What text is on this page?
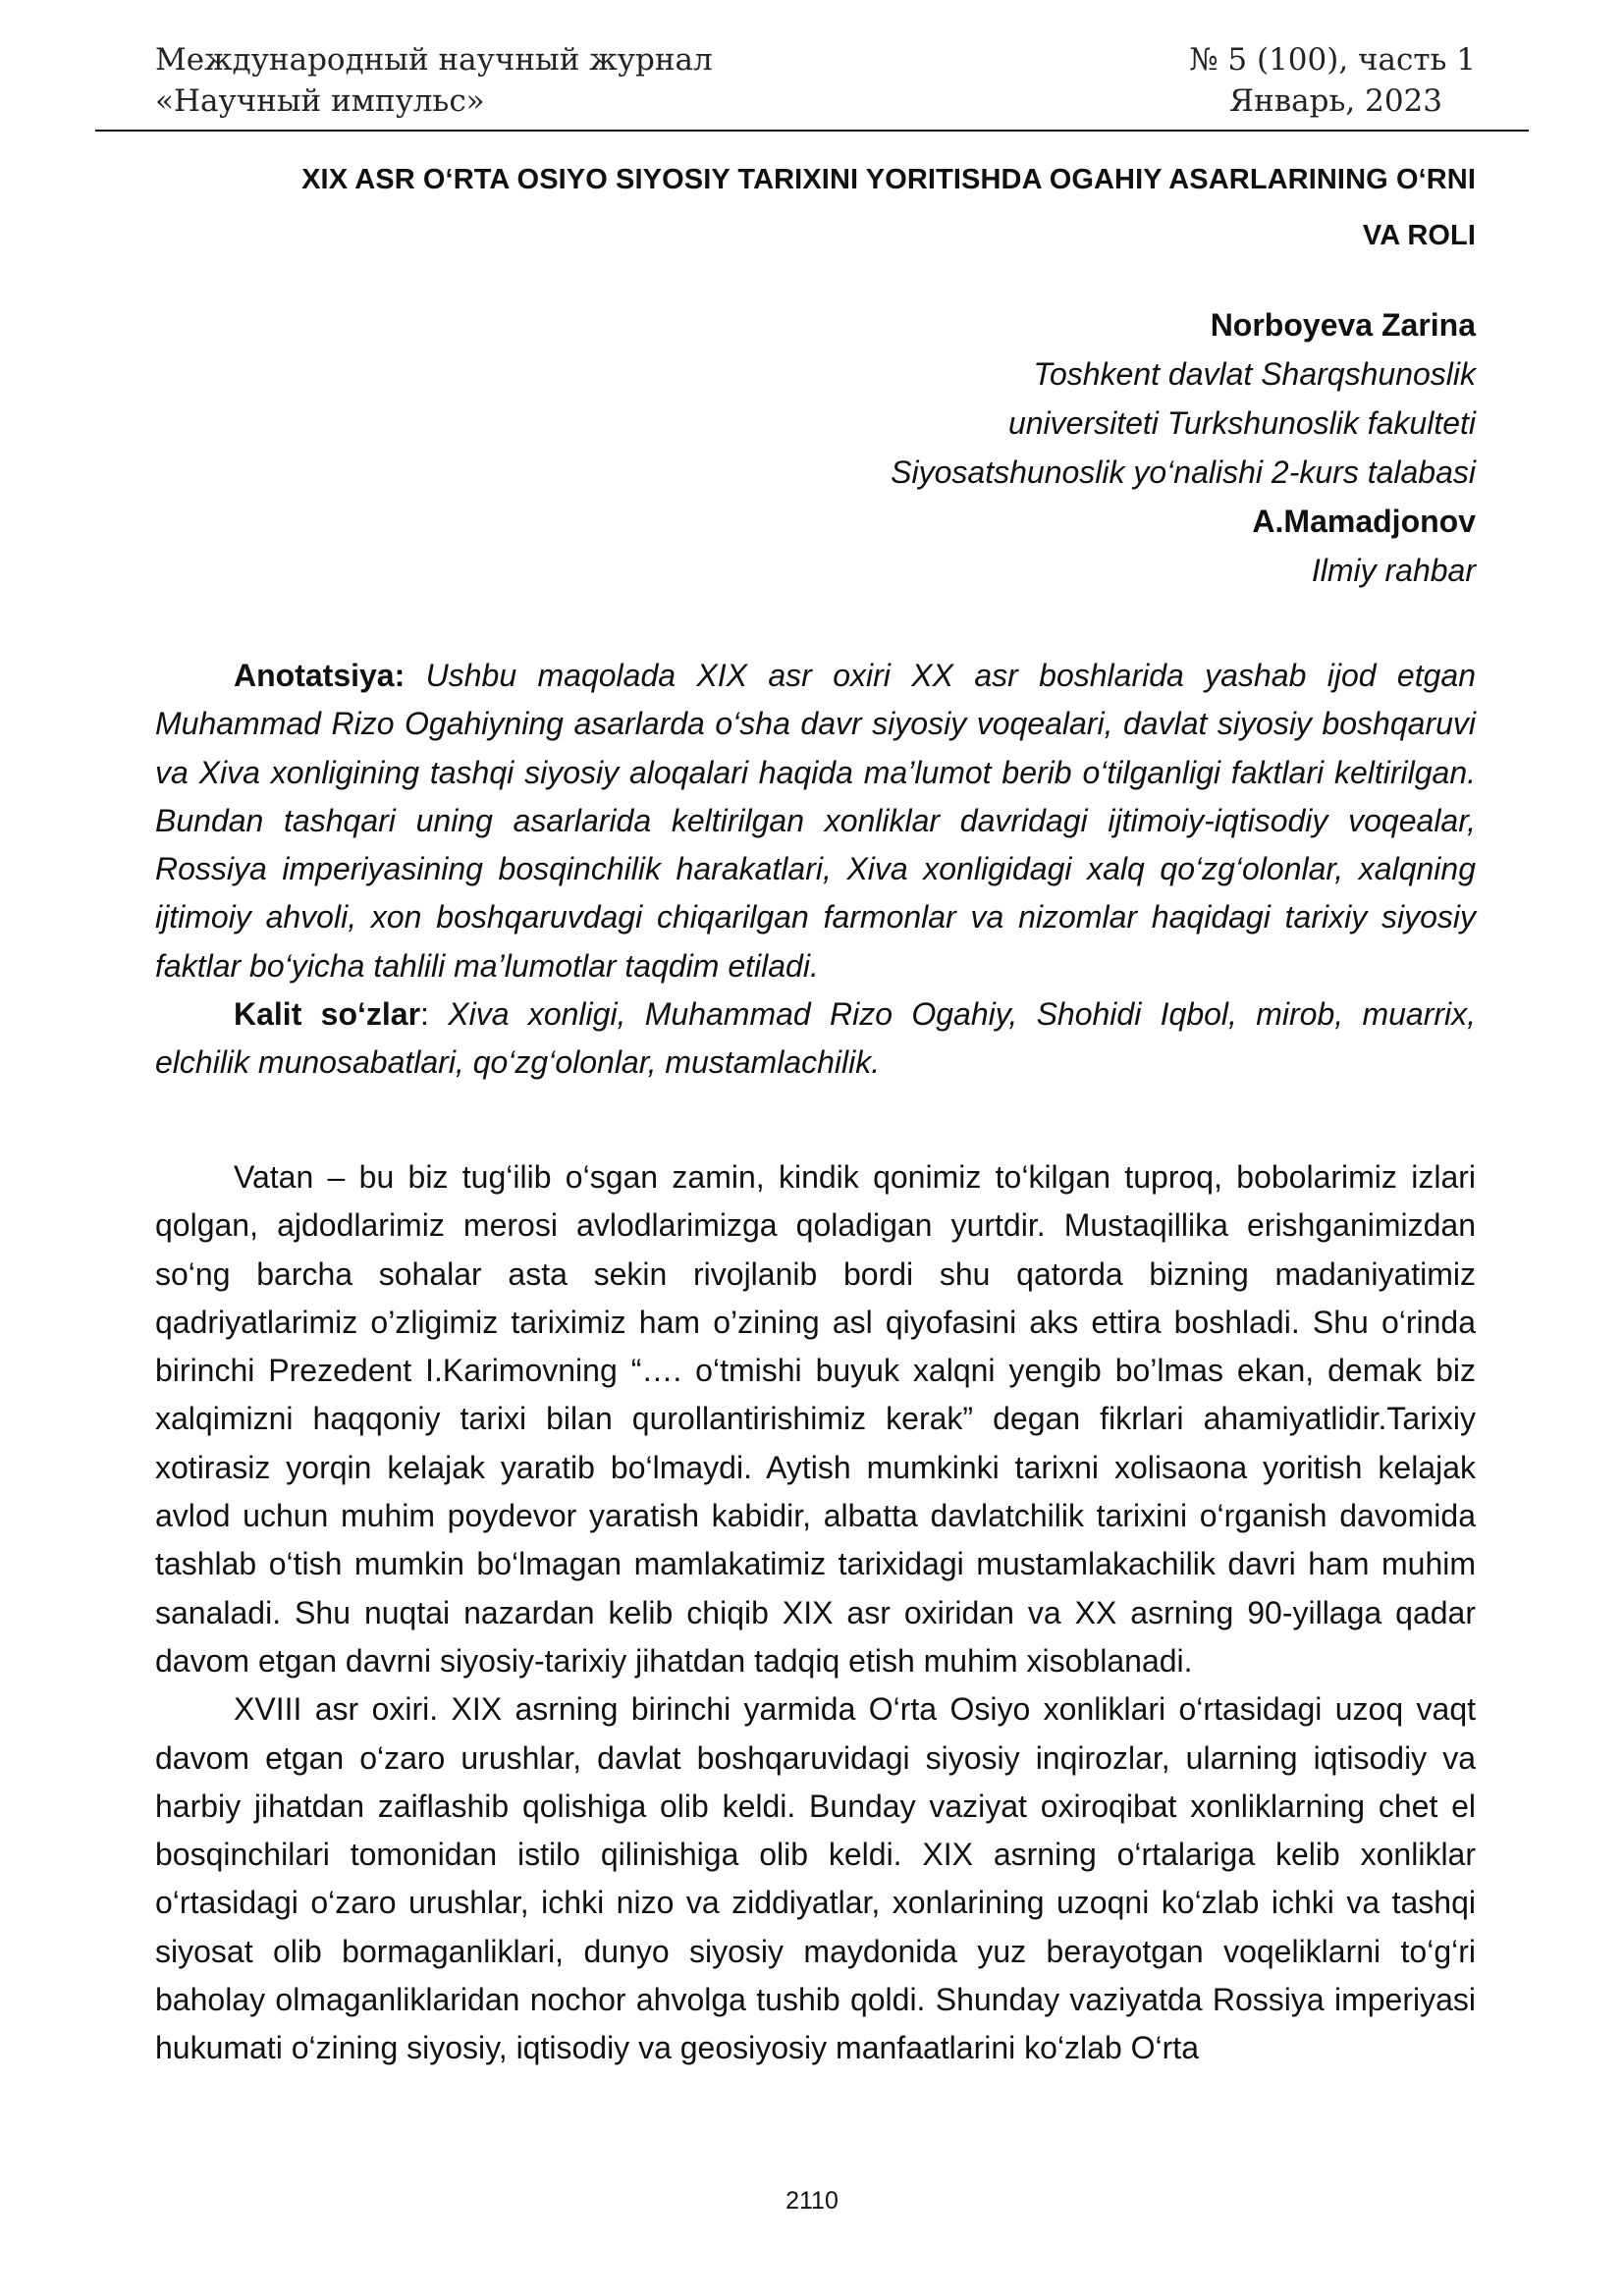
Международный научный журнал
«Научный импульс»
№ 5 (100), часть 1
Январь, 2023
XIX ASR O‘RTA OSIYO SIYOSIY TARIXINI YORITISHDA OGAHIY ASARLARINING O‘RNI
VA ROLI
Norboyeva Zarina
Toshkent davlat Sharqshunoslik
universiteti Turkshunoslik fakulteti
Siyosatshunoslik yo‘nalishi 2-kurs talabasi
A.Mamadjonov
Ilmiy rahbar

Anotatsiya: Ushbu maqolada XIX asr oxiri XX asr boshlarida yashab ijod etgan Muhammad Rizo Ogahiyning asarlarda o‘sha davr siyosiy voqealari, davlat siyosiy boshqaruvi va Xiva xonligining tashqi siyosiy aloqalari haqida ma’lumot berib o‘tilganligi faktlari keltirilgan. Bundan tashqari uning asarlarida keltirilgan xonliklar davridagi ijtimoiy-iqtisodiy voqealar, Rossiya imperiyasining bosqinchilik harakatlari, Xiva xonligidagi xalq qo‘zg‘olonlar, xalqning ijtimoiy ahvoli, xon boshqaruvdagi chiqarilgan farmonlar va nizomlar haqidagi tarixiy siyosiy faktlar bo‘yicha tahlili ma’lumotlar taqdim etiladi.

Kalit so‘zlar: Xiva xonligi, Muhammad Rizo Ogahiy, Shohidi Iqbol, mirob, muarrix, elchilik munosabatlari, qo‘zg‘olonlar, mustamlachilik.

Vatan – bu biz tug‘ilib o‘sgan zamin, kindik qonimiz to‘kilgan tuproq, bobolarimiz izlari qolgan, ajdodlarimiz merosi avlodlarimizga qoladigan yurtdir. Mustaqillika erishganimizdan so‘ng barcha sohalar asta sekin rivojlanib bordi shu qatorda bizning madaniyatimiz qadriyatlarimiz o’zligimiz tariximiz ham o’zining asl qiyofasini aks ettira boshladi. Shu o‘rinda birinchi Prezedent I.Karimovning “…. o‘tmishi buyuk xalqni yengib bo’lmas ekan, demak biz xalqimizni haqqoniy tarixi bilan qurollantirishimiz kerak” degan fikrlari ahamiyatlidir.Tarixiy xotirasiz yorqin kelajak yaratib bo‘lmaydi. Aytish mumkinki tarixni xolisaona yoritish kelajak avlod uchun muhim poydevor yaratish kabidir, albatta davlatchilik tarixini o‘rganish davomida tashlab o‘tish mumkin bo‘lmagan mamlakatimiz tarixidagi mustamlakachilik davri ham muhim sanaladi. Shu nuqtai nazardan kelib chiqib XIX asr oxiridan va XX asrning 90-yillaga qadar davom etgan davrni siyosiy-tarixiy jihatdan tadqiq etish muhim xisoblanadi.

XVIII asr oxiri. XIX asrning birinchi yarmida O‘rta Osiyo xonliklari o‘rtasidagi uzoq vaqt davom etgan o‘zaro urushlar, davlat boshqaruvidagi siyosiy inqirozlar, ularning iqtisodiy va harbiy jihatdan zaiflashib qolishiga olib keldi. Bunday vaziyat oxiroqibat xonliklarning chet el bosqinchilari tomonidan istilo qilinishiga olib keldi. XIX asrning o‘rtalariga kelib xonliklar o‘rtasidagi o‘zaro urushlar, ichki nizo va ziddiyatlar, xonlarining uzoqni ko‘zlab ichki va tashqi siyosat olib bormaganliklari, dunyo siyosiy maydonida yuz berayotgan voqeliklarni to‘g‘ri baholay olmaganliklaridan nochor ahvolga tushib qoldi. Shunday vaziyatda Rossiya imperiyasi hukumati o‘zining siyosiy, iqtisodiy va geosiyosiy manfaatlarini ko‘zlab O‘rta

2110
